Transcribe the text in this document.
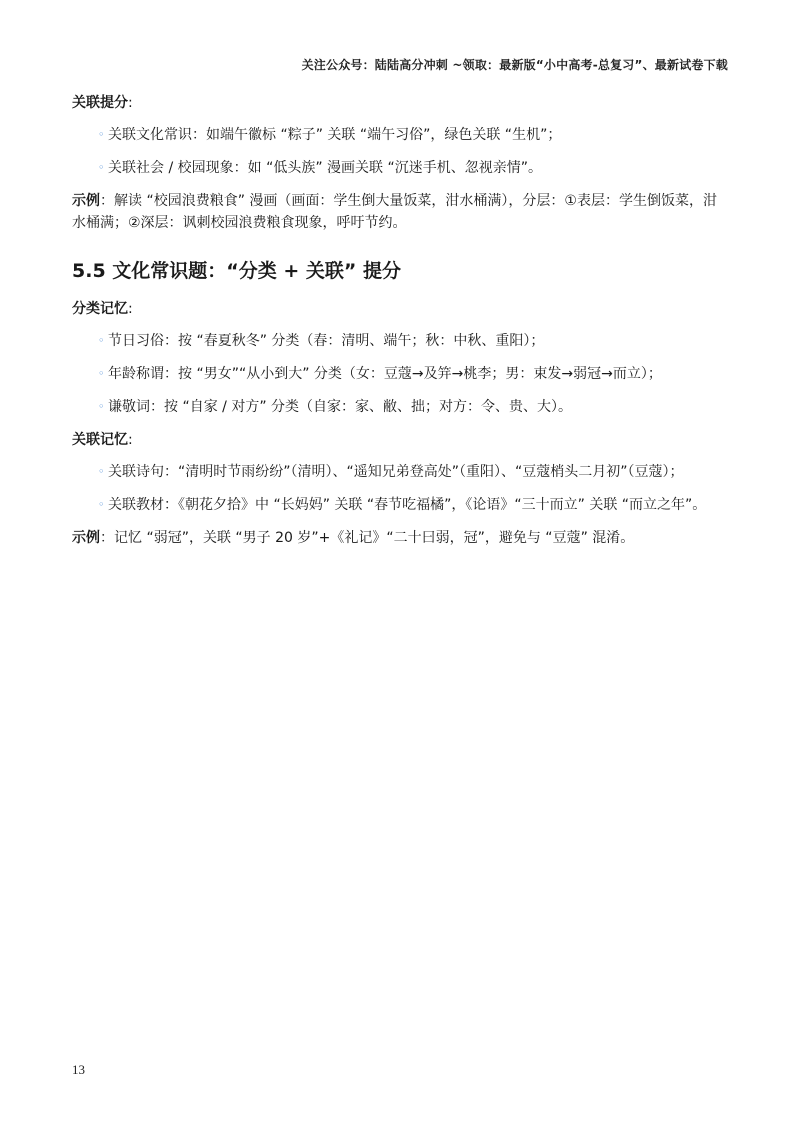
关注公众号：陆陆高分冲刺 ~领取：最新版“小中高考-总复习”、最新试卷下载
关联提分:
◦ 关联文化常识：如端午徽标 “粽子” 关联 “端午习俗”，绿色关联 “生机”；
◦ 关联社会 / 校园现象：如 “低头族” 漫画关联 “沉迷手机、忽视亲情”。

示例：解读 “校园浪费粮食” 漫画（画面：学生倒大量饭菜，泔水桶满），分层：①表层：学生倒饭菜，泔水桶满；②深层：讽刺校园浪费粮食现象，呼吁节约。

5.5 文化常识题：“分类 + 关联” 提分
分类记忆:
◦ 节日习俗：按 “春夏秋冬” 分类（春：清明、端午；秋：中秋、重阳）；
◦ 年龄称谓：按 “男女”“从小到大” 分类（女：豆蔻→及笄→桃李；男：束发→弱冠→而立）；
◦ 谦敬词：按 “自家 / 对方” 分类（自家：家、敝、拙；对方：令、贵、大）。
关联记忆:
◦ 关联诗句：“清明时节雨纷纷”（清明）、“遥知兄弟登高处”（重阳）、“豆蔻梢头二月初”（豆蔻）；
◦ 关联教材：《朝花夕拾》中 “长妈妈” 关联 “春节吃福橘”，《论语》“三十而立” 关联 “而立之年”。

示例：记忆 “弱冠”，关联 “男子 20 岁”+《礼记》“二十曰弱，冠”，避免与 “豆蔻” 混淆。

13
